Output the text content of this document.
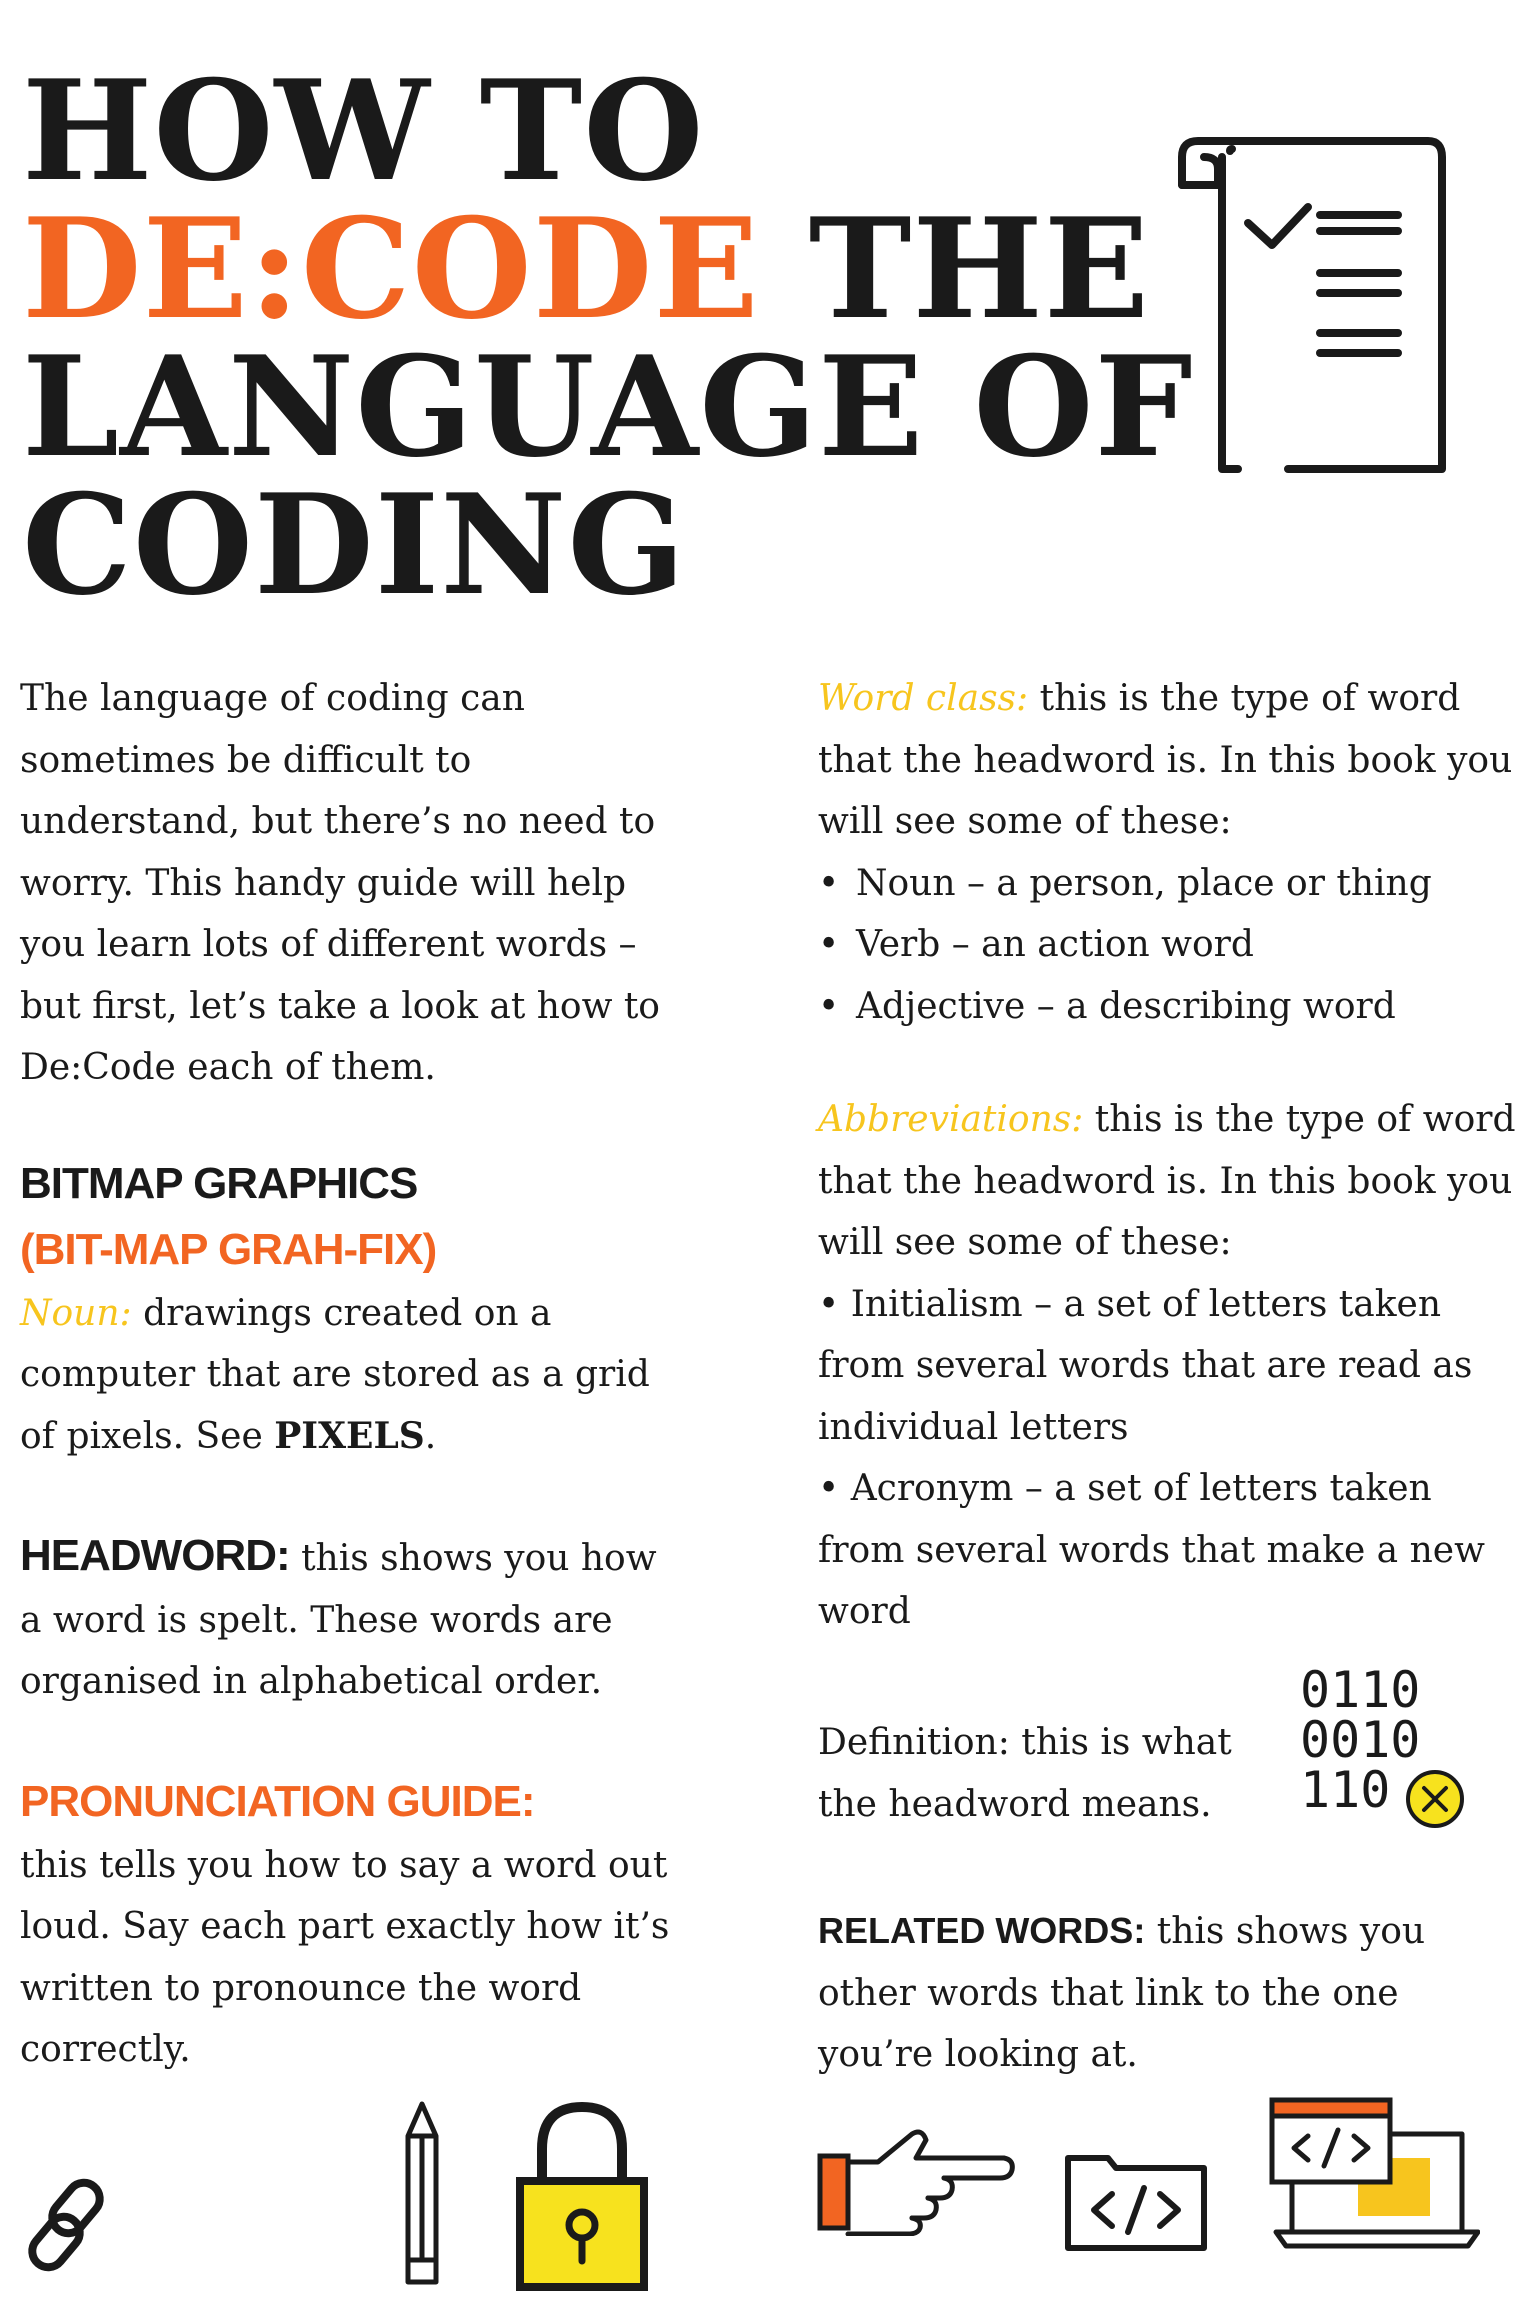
HOW TO
DE:CODE THE
LANGUAGE OF
CODING

The language of coding can sometimes be difficult to understand, but there’s no need to worry. This handy guide will help you learn lots of different words – but first, let’s take a look at how to De:Code each of them.

BITMAP GRAPHICS
(BIT-MAP GRAH-FIX)

Noun: drawings created on a computer that are stored as a grid of pixels. See PIXELS.

HEADWORD: this shows you how a word is spelt. These words are organised in alphabetical order.

PRONUNCIATION GUIDE:

this tells you how to say a word out loud. Say each part exactly how it’s written to pronounce the word correctly.

Word class: this is the type of word that the headword is. In this book you will see some of these:

• Noun – a person, place or thing
• Verb – an action word
• Adjective – a describing word

Abbreviations: this is the type of word that the headword is. In this book you will see some of these:

• Initialism – a set of letters taken from several words that are read as individual letters

• Acronym – a set of letters taken from several words that make a new word

Definition: this is what the headword means.

0110
0010
110

RELATED WORDS: this shows you other words that link to the one you’re looking at.
